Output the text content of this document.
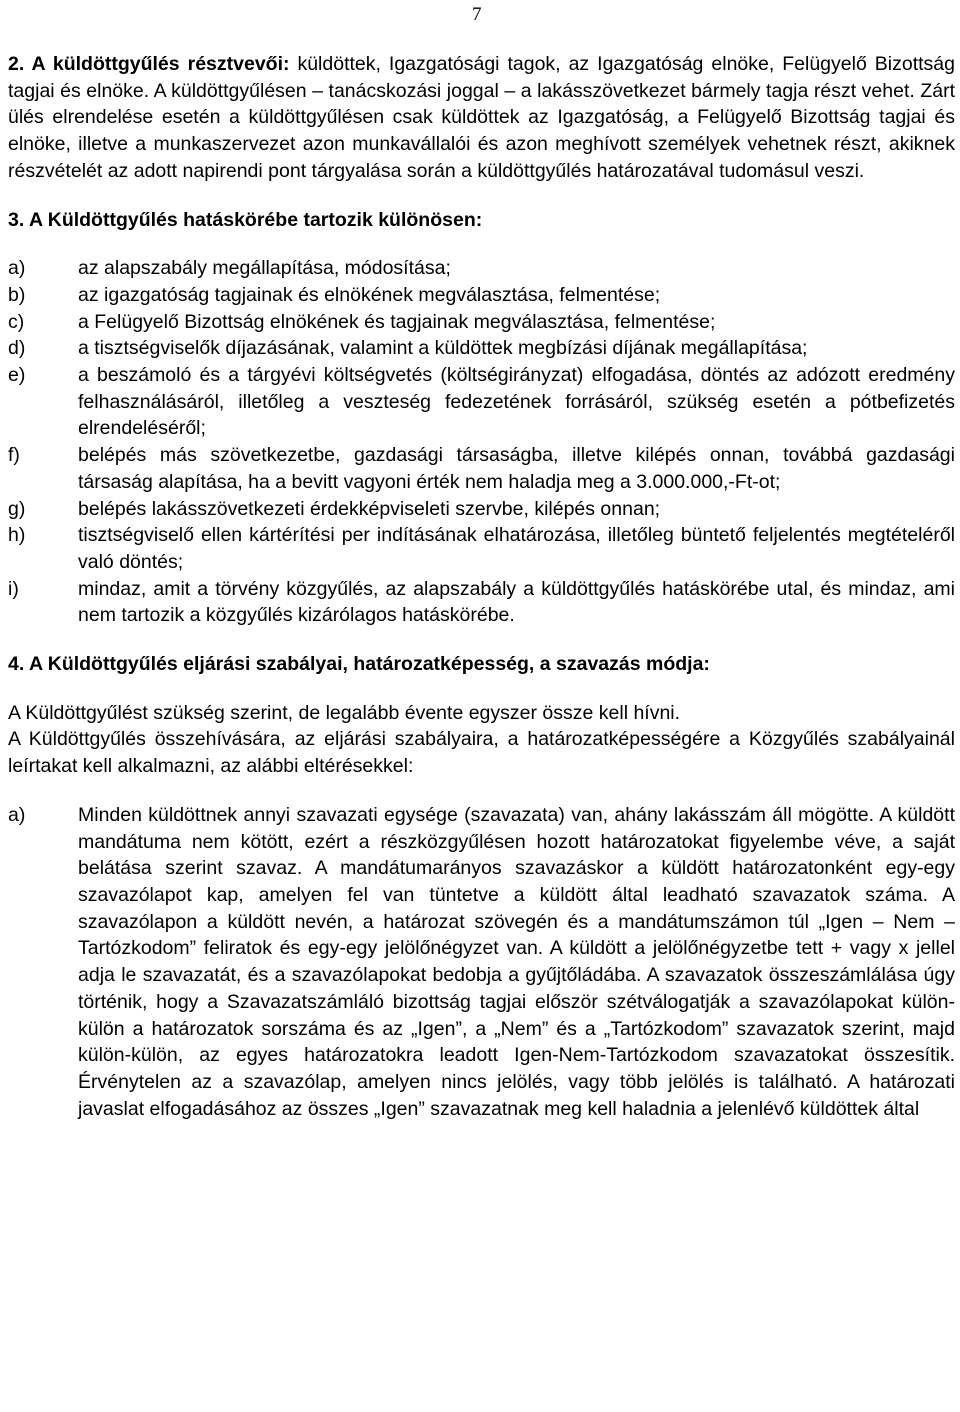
7

2. A küldöttgyűlés résztvevői: küldöttek, Igazgatósági tagok, az Igazgatóság elnöke, Felügyelő Bizottság tagjai és elnöke. A küldöttgyűlésen – tanácskozási joggal – a lakásszövetkezet bármely tagja részt vehet. Zárt ülés elrendelése esetén a küldöttgyűlésen csak küldöttek az Igazgatóság, a Felügyelő Bizottság tagjai és elnöke, illetve a munkaszervezet azon munkavállalói és azon meghívott személyek vehetnek részt, akiknek részvételét az adott napirendi pont tárgyalása során a küldöttgyűlés határozatával tudomásul veszi.

3. A Küldöttgyűlés hatáskörébe tartozik különösen:

a)	az alapszabály megállapítása, módosítása;
b)	az igazgatóság tagjainak és elnökének megválasztása, felmentése;
c)	a Felügyelő Bizottság elnökének és tagjainak megválasztása, felmentése;
d)	a tisztségviselők díjazásának, valamint a küldöttek megbízási díjának megállapítása;
e)	a beszámoló és a tárgyévi költségvetés (költségirányzat) elfogadása, döntés az adózott eredmény felhasználásáról, illetőleg a veszteség fedezetének forrásáról, szükség esetén a pótbefizetés elrendeléséről;
f)	belépés más szövetkezetbe, gazdasági társaságba, illetve kilépés onnan, továbbá gazdasági társaság alapítása, ha a bevitt vagyoni érték nem haladja meg a 3.000.000,-Ft-ot;
g)	belépés lakásszövetkezeti érdekképviseleti szervbe, kilépés onnan;
h)	tisztségviselő ellen kártérítési per indításának elhatározása, illetőleg büntető feljelentés megtételéről való döntés;
i)	mindaz, amit a törvény közgyűlés, az alapszabály a küldöttgyűlés hatáskörébe utal, és mindaz, ami nem tartozik a közgyűlés kizárólagos hatáskörébe.

4. A Küldöttgyűlés eljárási szabályai, határozatképesség, a szavazás módja:

A Küldöttgyűlést szükség szerint, de legalább évente egyszer össze kell hívni.

A Küldöttgyűlés összehívására, az eljárási szabályaira, a határozatképességére a Közgyűlés szabályainál leírtakat kell alkalmazni, az alábbi eltérésekkel:

a)	Minden küldöttnek annyi szavazati egysége (szavazata) van, ahány lakásszám áll mögötte. A küldött mandátuma nem kötött, ezért a részközgyűlésen hozott határozatokat figyelembe véve, a saját belátása szerint szavaz. A mandátumarányos szavazáskor a küldött határozatonként egy-egy szavazólapot kap, amelyen fel van tüntetve a küldött által leadható szavazatok száma. A szavazólapon a küldött nevén, a határozat szövegén és a mandátumszámon túl „Igen – Nem – Tartózkodom” feliratok és egy-egy jelölőnégyzet van. A küldött a jelölőnégyzetbe tett + vagy x jellel adja le szavazatát, és a szavazólapokat bedobja a gyűjtőládába. A szavazatok összeszámlálása úgy történik, hogy a Szavazatszámláló bizottság tagjai először szétválogatják a szavazólapokat külön-külön a határozatok sorszáma és az „Igen”, a „Nem” és a „Tartózkodom” szavazatok szerint, majd külön-külön, az egyes határozatokra leadott Igen-Nem-Tartózkodom szavazatokat összesítik. Érvénytelen az a szavazólap, amelyen nincs jelölés, vagy több jelölés is található. A határozati javaslat elfogadásához az összes „Igen” szavazatnak meg kell haladnia a jelenlévő küldöttek által
